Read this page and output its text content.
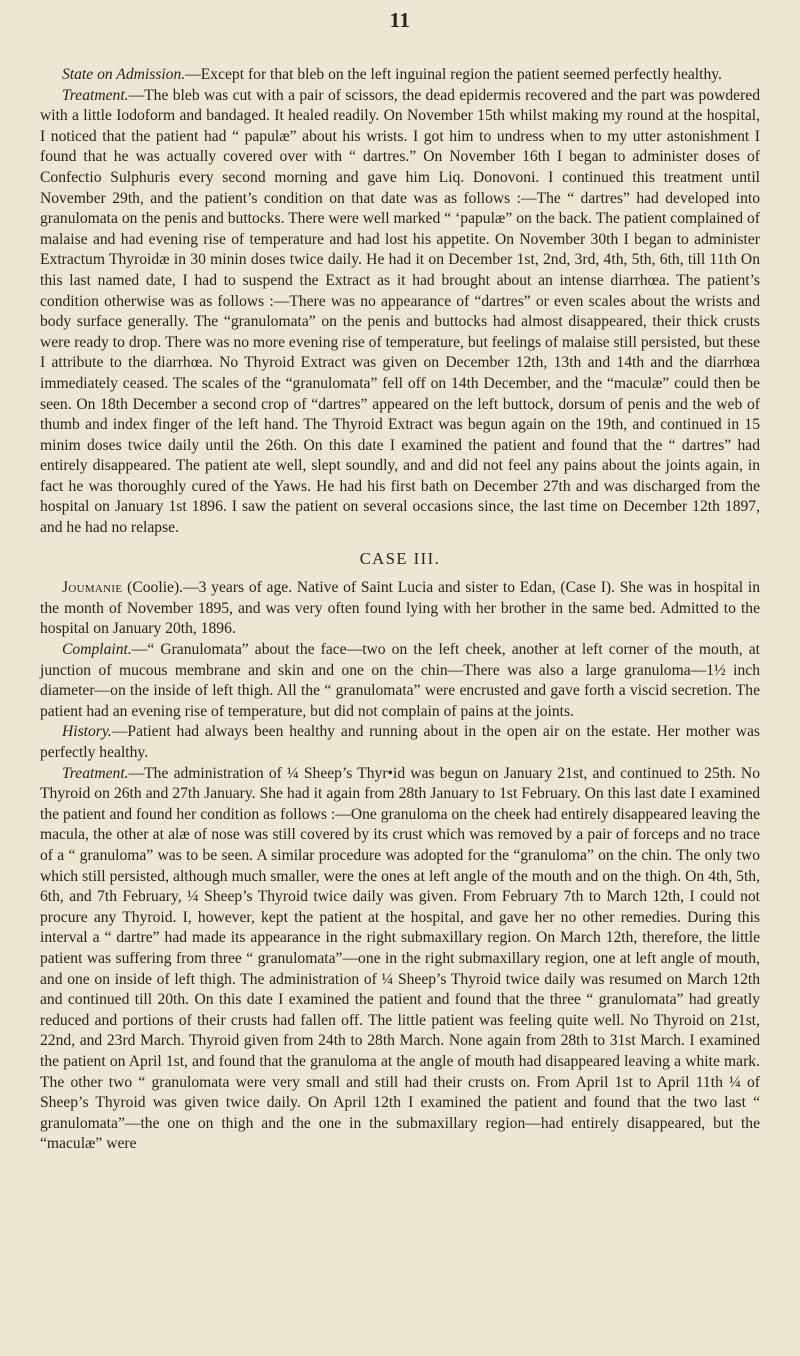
11

State on Admission.—Except for that bleb on the left inguinal region the patient seemed perfectly healthy.

Treatment.—The bleb was cut with a pair of scissors, the dead epidermis recovered and the part was powdered with a little Iodoform and bandaged. It healed readily. On November 15th whilst making my round at the hospital, I noticed that the patient had “ papulæ” about his wrists. I got him to undress when to my utter astonishment I found that he was actually covered over with “ dartres.” On November 16th I began to administer doses of Confectio Sulphuris every second morning and gave him Liq. Donovoni. I continued this treatment until November 29th, and the patient’s condition on that date was as follows :—The “ dartres” had developed into granulomata on the penis and buttocks. There were well marked “ ‘papulæ” on the back. The patient complained of malaise and had evening rise of temperature and had lost his appetite. On November 30th I began to administer Extractum Thyroidæ in 30 minin doses twice daily. He had it on December 1st, 2nd, 3rd, 4th, 5th, 6th, till 11th On this last named date, I had to suspend the Extract as it had brought about an intense diarrhœa. The patient’s condition otherwise was as follows :—There was no appearance of “dartres” or even scales about the wrists and body surface generally. The “granulomata” on the penis and buttocks had almost disappeared, their thick crusts were ready to drop. There was no more evening rise of temperature, but feelings of malaise still persisted, but these I attribute to the diarrhœa. No Thyroid Extract was given on December 12th, 13th and 14th and the diarrhœa immediately ceased. The scales of the “granulomata” fell off on 14th December, and the “maculæ” could then be seen. On 18th December a second crop of “dartres” appeared on the left buttock, dorsum of penis and the web of thumb and index finger of the left hand. The Thyroid Extract was begun again on the 19th, and continued in 15 minim doses twice daily until the 26th. On this date I examined the patient and found that the “ dartres” had entirely disappeared. The patient ate well, slept soundly, and and did not feel any pains about the joints again, in fact he was thoroughly cured of the Yaws. He had his first bath on December 27th and was discharged from the hospital on January 1st 1896. I saw the patient on several occasions since, the last time on December 12th 1897, and he had no relapse.

CASE III.

Joumanie (Coolie).—3 years of age. Native of Saint Lucia and sister to Edan, (Case I). She was in hospital in the month of November 1895, and was very often found lying with her brother in the same bed. Admitted to the hospital on January 20th, 1896.

Complaint.—“ Granulomata” about the face—two on the left cheek, another at left corner of the mouth, at junction of mucous membrane and skin and one on the chin—There was also a large granuloma—1½ inch diameter—on the inside of left thigh. All the “ granulomata” were encrusted and gave forth a viscid secretion. The patient had an evening rise of temperature, but did not complain of pains at the joints.

History.—Patient had always been healthy and running about in the open air on the estate. Her mother was perfectly healthy.

Treatment.—The administration of ¼ Sheep’s Thyr•id was begun on January 21st, and continued to 25th. No Thyroid on 26th and 27th January. She had it again from 28th January to 1st February. On this last date I examined the patient and found her condition as follows :—One granuloma on the cheek had entirely disappeared leaving the macula, the other at alæ of nose was still covered by its crust which was removed by a pair of forceps and no trace of a “ granuloma” was to be seen. A similar procedure was adopted for the “granuloma” on the chin. The only two which still persisted, although much smaller, were the ones at left angle of the mouth and on the thigh. On 4th, 5th, 6th, and 7th February, ¼ Sheep’s Thyroid twice daily was given. From February 7th to March 12th, I could not procure any Thyroid. I, however, kept the patient at the hospital, and gave her no other remedies. During this interval a “ dartre” had made its appearance in the right submaxillary region. On March 12th, therefore, the little patient was suffering from three “ granulomata”—one in the right submaxillary region, one at left angle of mouth, and one on inside of left thigh. The administration of ¼ Sheep’s Thyroid twice daily was resumed on March 12th and continued till 20th. On this date I examined the patient and found that the three “ granulomata” had greatly reduced and portions of their crusts had fallen off. The little patient was feeling quite well. No Thyroid on 21st, 22nd, and 23rd March. Thyroid given from 24th to 28th March. None again from 28th to 31st March. I examined the patient on April 1st, and found that the granuloma at the angle of mouth had disappeared leaving a white mark. The other two “ granulomata were very small and still had their crusts on. From April 1st to April 11th ¼ of Sheep’s Thyroid was given twice daily. On April 12th I examined the patient and found that the two last “ granulomata”—the one on thigh and the one in the submaxillary region—had entirely disappeared, but the “maculæ” were
